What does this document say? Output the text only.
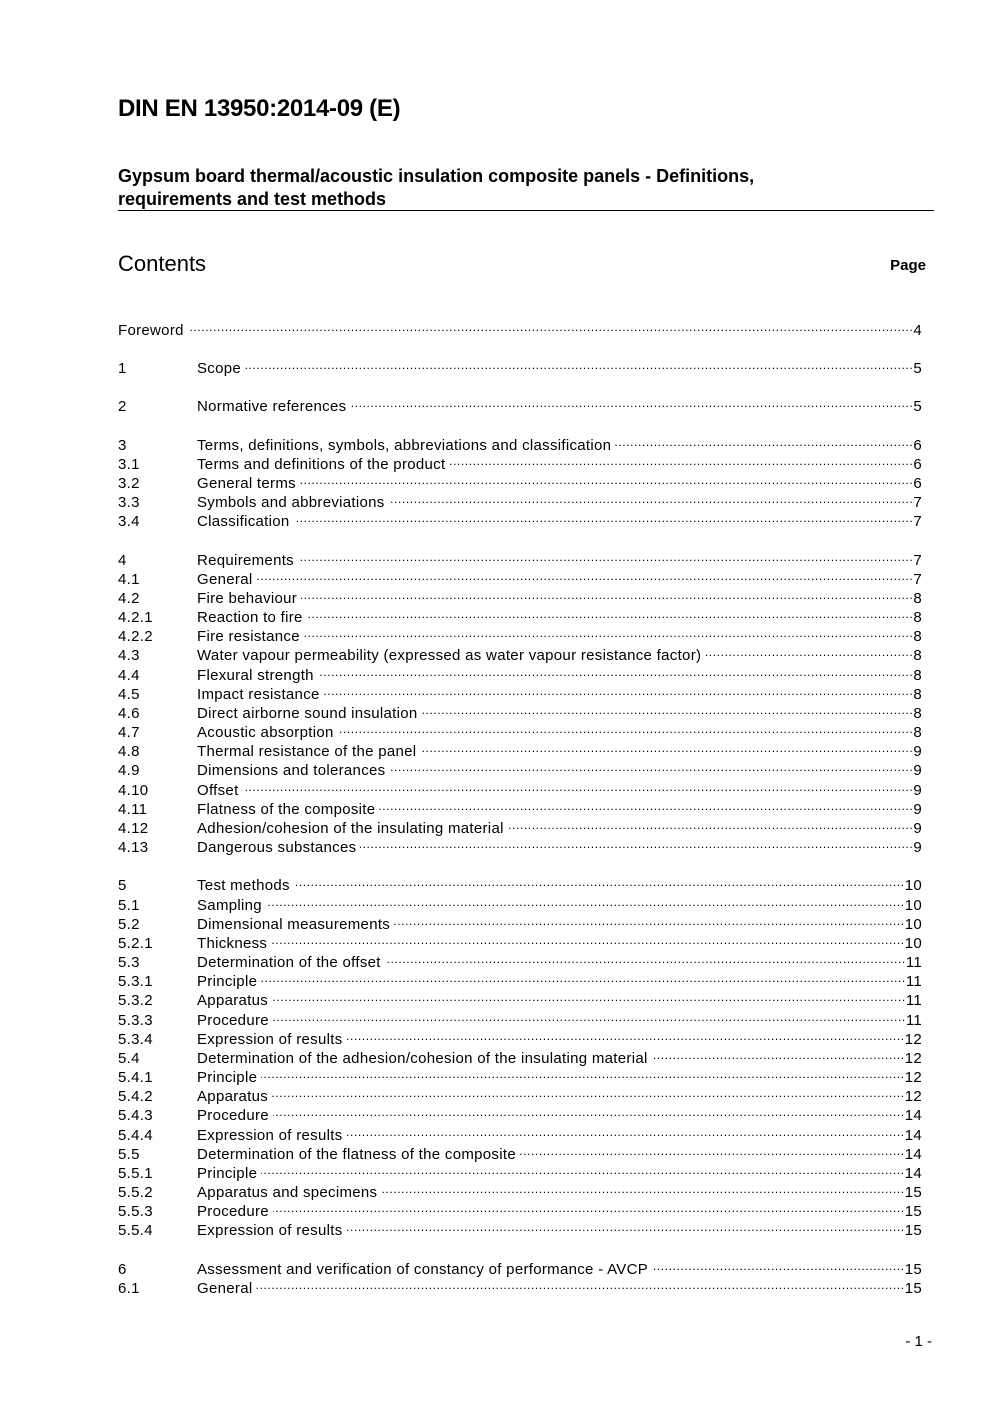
DIN EN 13950:2014-09 (E)
Gypsum board thermal/acoustic insulation composite panels - Definitions,
requirements and test methods
Contents	Page
Foreword .....	4
1	Scope .....	5
2	Normative references .....	5
3	Terms, definitions, symbols, abbreviations and classification .....	6
3.1	Terms and definitions of the product .....	6
3.2	General terms .....	6
3.3	Symbols and abbreviations .....	7
3.4	Classification .....	7
4	Requirements .....	7
4.1	General .....	7
4.2	Fire behaviour .....	8
4.2.1	Reaction to fire .....	8
4.2.2	Fire resistance .....	8
4.3	Water vapour permeability (expressed as water vapour resistance factor) .....	8
4.4	Flexural strength .....	8
4.5	Impact resistance .....	8
4.6	Direct airborne sound insulation .....	8
4.7	Acoustic absorption .....	8
4.8	Thermal resistance of the panel .....	9
4.9	Dimensions and tolerances .....	9
4.10	Offset .....	9
4.11	Flatness of the composite .....	9
4.12	Adhesion/cohesion of the insulating material .....	9
4.13	Dangerous substances .....	9
5	Test methods .....	10
5.1	Sampling .....	10
5.2	Dimensional measurements .....	10
5.2.1	Thickness .....	10
5.3	Determination of the offset .....	11
5.3.1	Principle .....	11
5.3.2	Apparatus .....	11
5.3.3	Procedure .....	11
5.3.4	Expression of results .....	12
5.4	Determination of the adhesion/cohesion of the insulating material .....	12
5.4.1	Principle .....	12
5.4.2	Apparatus .....	12
5.4.3	Procedure .....	14
5.4.4	Expression of results .....	14
5.5	Determination of the flatness of the composite .....	14
5.5.1	Principle .....	14
5.5.2	Apparatus and specimens .....	15
5.5.3	Procedure .....	15
5.5.4	Expression of results .....	15
6	Assessment and verification of constancy of performance - AVCP .....	15
6.1	General .....	15
- 1 -
